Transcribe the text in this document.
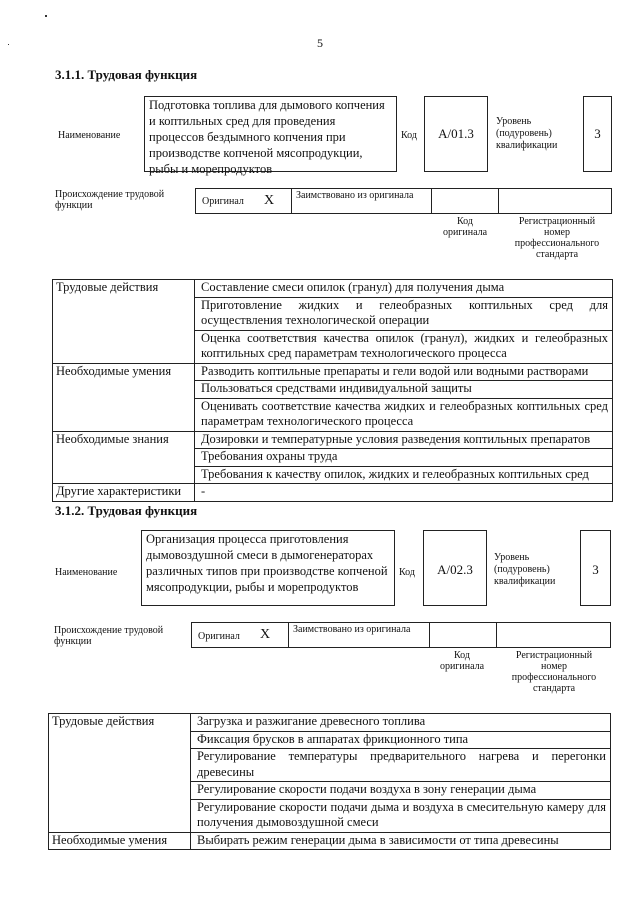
5
3.1.1. Трудовая функция
Наименование
Подготовка топлива для дымового копчения и коптильных сред для проведения процессов бездымного копчения при производстве копченой мясопродукции, рыбы и морепродуктов
Код	А/01.3
Уровень (подуровень) квалификации
3
Происхождение трудовой функции	Оригинал X	Заимствовано из оригинала
Код оригинала
Регистрационный номер профессионального стандарта
Трудовые действия	Составление смеси опилок (гранул) для получения дыма
	Приготовление жидких и гелеобразных коптильных сред для осуществления технологической операции
	Оценка соответствия качества опилок (гранул), жидких и гелеобразных коптильных сред параметрам технологического процесса
Необходимые умения	Разводить коптильные препараты и гели водой или водными растворами
	Пользоваться средствами индивидуальной защиты
	Оценивать соответствие качества жидких и гелеобразных коптильных сред параметрам технологического процесса
Необходимые знания	Дозировки и температурные условия разведения коптильных препаратов
	Требования охраны труда
	Требования к качеству опилок, жидких и гелеобразных коптильных сред
Другие характеристики	-
3.1.2. Трудовая функция
Наименование
Организация процесса приготовления дымовоздушной смеси в дымогенераторах различных типов при производстве копченой мясопродукции, рыбы и морепродуктов
Код	А/02.3
Уровень (подуровень) квалификации
3
Происхождение трудовой функции	Оригинал X	Заимствовано из оригинала
Код оригинала
Регистрационный номер профессионального стандарта
Трудовые действия	Загрузка и разжигание древесного топлива
	Фиксация брусков в аппаратах фрикционного типа
	Регулирование температуры предварительного нагрева и перегонки древесины
	Регулирование скорости подачи воздуха в зону генерации дыма
	Регулирование скорости подачи дыма и воздуха в смесительную камеру для получения дымовоздушной смеси
Необходимые умения	Выбирать режим генерации дыма в зависимости от типа древесины
